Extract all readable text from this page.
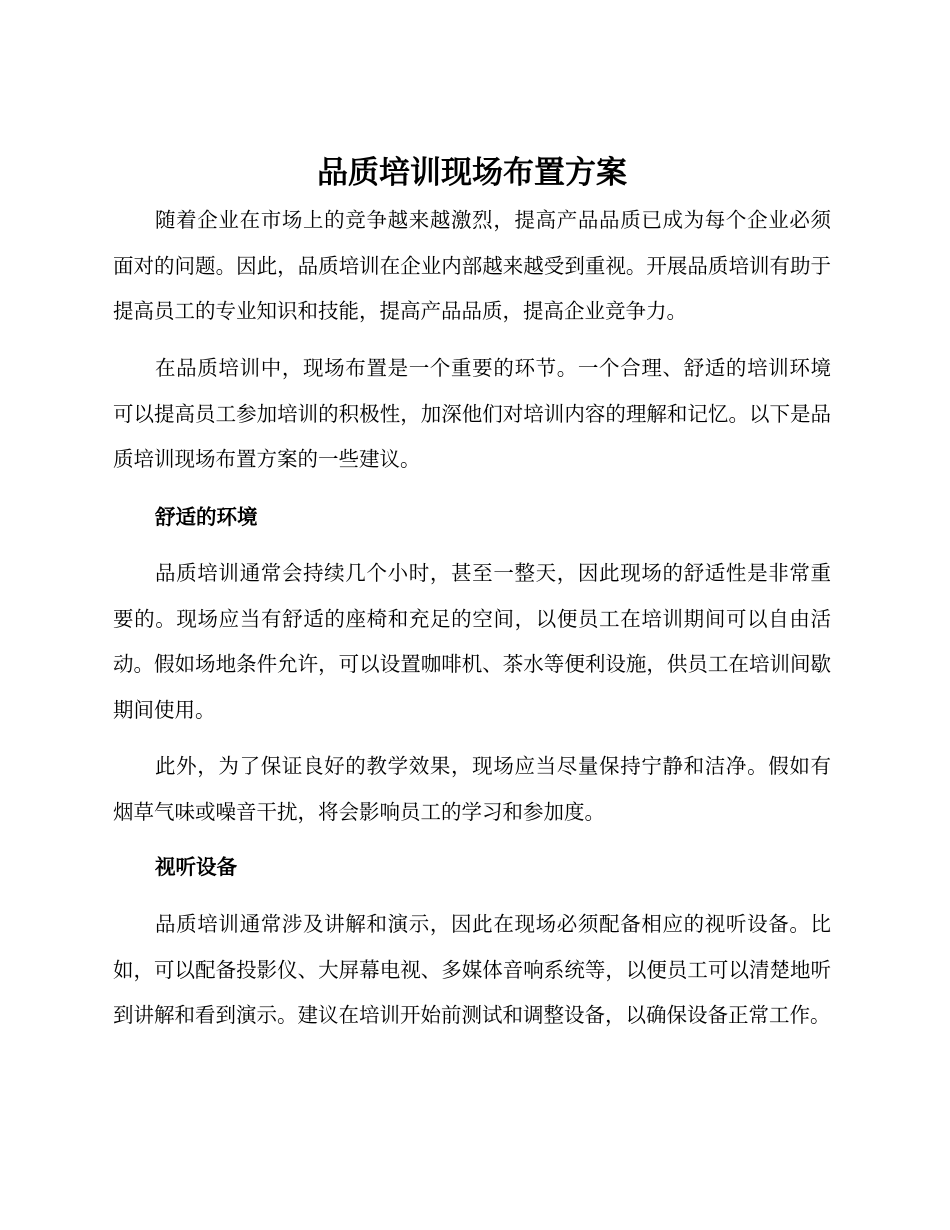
品质培训现场布置方案

随着企业在市场上的竞争越来越激烈，提高产品品质已成为每个企业必须面对的问题。因此，品质培训在企业内部越来越受到重视。开展品质培训有助于提高员工的专业知识和技能，提高产品品质，提高企业竞争力。

在品质培训中，现场布置是一个重要的环节。一个合理、舒适的培训环境可以提高员工参加培训的积极性，加深他们对培训内容的理解和记忆。以下是品质培训现场布置方案的一些建议。

舒适的环境

品质培训通常会持续几个小时，甚至一整天，因此现场的舒适性是非常重要的。现场应当有舒适的座椅和充足的空间，以便员工在培训期间可以自由活动。假如场地条件允许，可以设置咖啡机、茶水等便利设施，供员工在培训间歇期间使用。

此外，为了保证良好的教学效果，现场应当尽量保持宁静和洁净。假如有烟草气味或噪音干扰，将会影响员工的学习和参加度。

视听设备

品质培训通常涉及讲解和演示，因此在现场必须配备相应的视听设备。比如，可以配备投影仪、大屏幕电视、多媒体音响系统等，以便员工可以清楚地听到讲解和看到演示。建议在培训开始前测试和调整设备，以确保设备正常工作。
